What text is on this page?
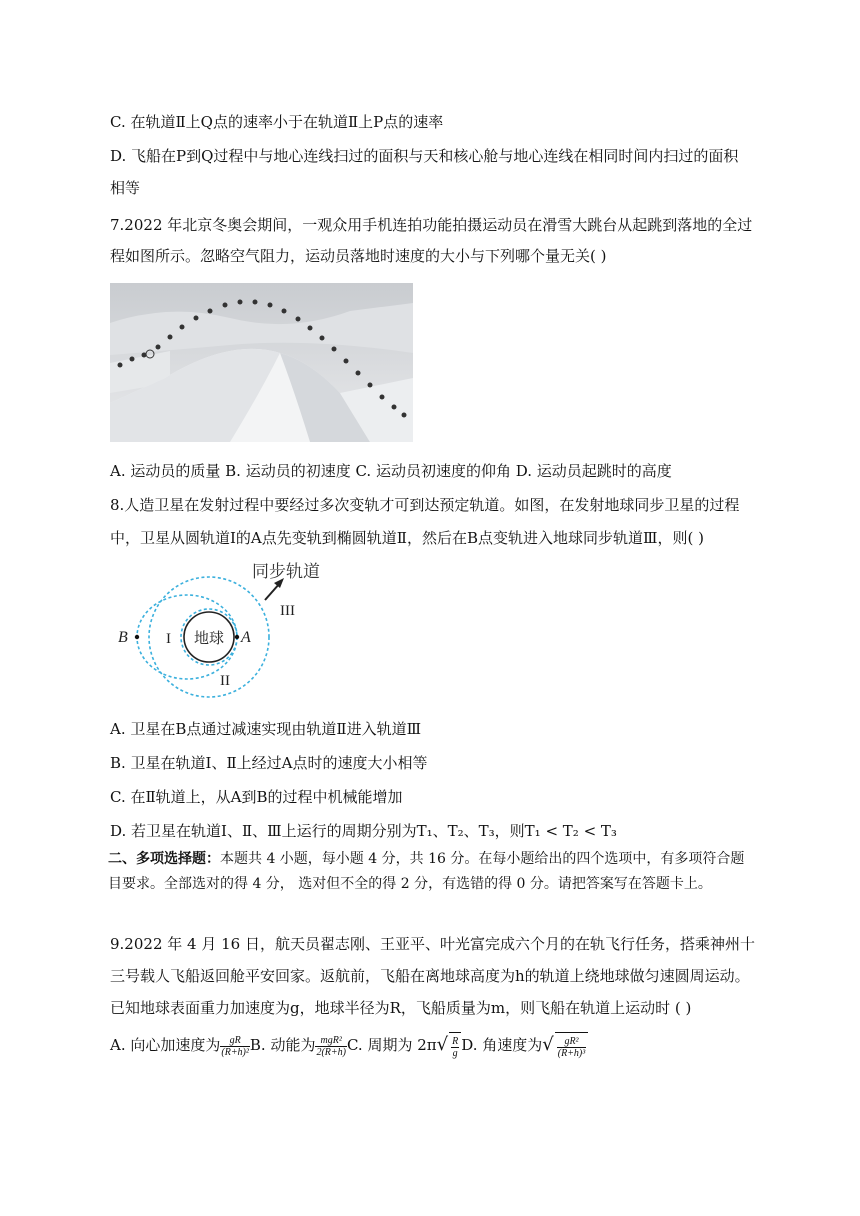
C. 在轨道Ⅱ上Q点的速率小于在轨道Ⅱ上P点的速率
D. 飞船在P到Q过程中与地心连线扫过的面积与天和核心舱与地心连线在相同时间内扫过的面积
相等
7.2022 年北京冬奥会期间，一观众用手机连拍功能拍摄运动员在滑雪大跳台从起跳到落地的全过
程如图所示。忽略空气阻力，运动员落地时速度的大小与下列哪个量无关( )
A. 运动员的质量 B. 运动员的初速度 C. 运动员初速度的仰角 D. 运动员起跳时的高度
8.人造卫星在发射过程中要经过多次变轨才可到达预定轨道。如图，在发射地球同步卫星的过程
中，卫星从圆轨道Ⅰ的A点先变轨到椭圆轨道Ⅱ，然后在B点变轨进入地球同步轨道Ⅲ，则( )
同步轨道
地球
I
II
III
A
B
A. 卫星在B点通过减速实现由轨道Ⅱ进入轨道Ⅲ
B. 卫星在轨道Ⅰ、Ⅱ上经过A点时的速度大小相等
C. 在Ⅱ轨道上，从A到B的过程中机械能增加
D. 若卫星在轨道Ⅰ、Ⅱ、Ⅲ上运行的周期分别为T₁、T₂、T₃，则T₁ < T₂ < T₃
二、多项选择题：本题共 4 小题，每小题 4 分，共 16 分。在每小题给出的四个选项中，有多项符合题目要求。全部选对的得 4 分， 选对但不全的得 2 分，有选错的得 0 分。请把答案写在答题卡上。
9.2022 年 4 月 16 日，航天员翟志刚、王亚平、叶光富完成六个月的在轨飞行任务，搭乘神州十
三号载人飞船返回舱平安回家。返航前，飞船在离地球高度为h的轨道上绕地球做匀速圆周运动。
已知地球表面重力加速度为g，地球半径为R，飞船质量为m，则飞船在轨道上运动时 ( )
A. 向心加速度为 $\frac{gR}{\text{(R+h)²}} B$. 动能为 $\frac{\text{mgR²}}{2(R+h)} C$. 周期为 $2\pi√ \frac{R}{g} D$. 角速度为√ $\frac{\text{gR²}}{\text{(R+h)³}}$
